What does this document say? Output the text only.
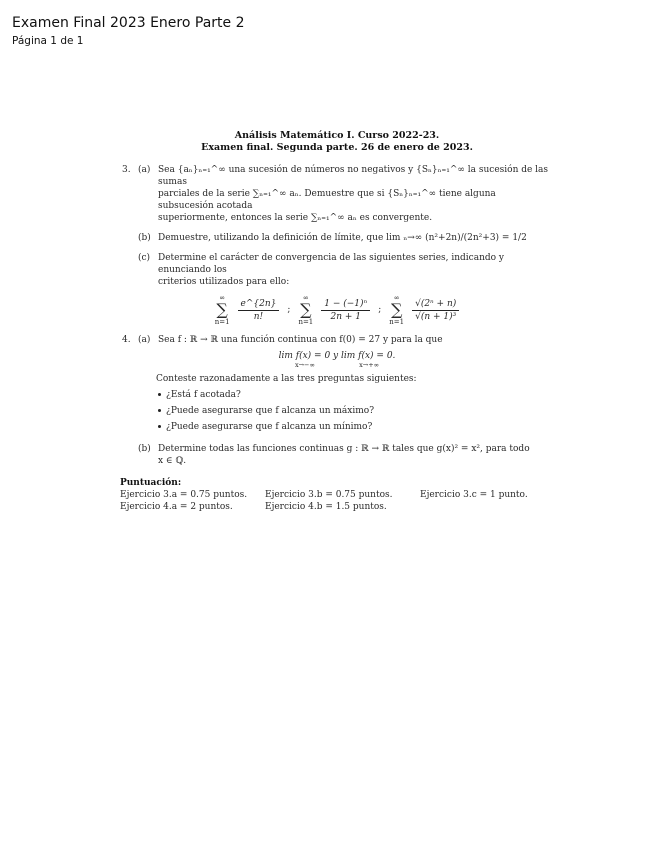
Examen Final 2023 Enero Parte 2
Página 1 de 1
Análisis Matemático I. Curso 2022-23.
Examen final. Segunda parte. 26 de enero de 2023.
3. (a) Sea {aₙ}ₙ₌₁^∞ una sucesión de números no negativos y {Sₙ}ₙ₌₁^∞ la sucesión de las sumas
parciales de la serie ∑ₙ₌₁^∞ aₙ. Demuestre que si {Sₙ}ₙ₌₁^∞ tiene alguna subsucesión acotada
superiormente, entonces la serie ∑ₙ₌₁^∞ aₙ es convergente.
(b) Demuestre, utilizando la definición de límite, que lim ₙ→∞ (n²+2n)/(2n²+3) = 1/2
(c) Determine el carácter de convergencia de las siguientes series, indicando y enunciando los
criterios utilizados para ello:
∞
∑
$n=1 \frac{e\^{}\{2n\}}{n!}$ ;
∞
∑
$n=1 \frac{\text{1 − (−1)ⁿ}}{2n + 1}$ ;
∞
∑
$n=1 \frac{\text{√(2ⁿ + n)}}{\text{√(n + 1)³}}$
4. (a) Sea f : ℝ → ℝ una función continua con f(0) = 27 y para la que
lim f(x) = 0 y lim f(x) = 0.
x→−∞	x→+∞
Conteste razonadamente a las tres preguntas siguientes:
¿Está f acotada?
¿Puede asegurarse que f alcanza un máximo?
¿Puede asegurarse que f alcanza un mínimo?
(b) Determine todas las funciones continuas g : ℝ → ℝ tales que g(x)² = x², para todo
x ∈ ℚ.
Puntuación:
Ejercicio 3.a = 0.75 puntos.	Ejercicio 3.b = 0.75 puntos.	Ejercicio 3.c = 1 punto.
Ejercicio 4.a = 2 puntos.	Ejercicio 4.b = 1.5 puntos.
